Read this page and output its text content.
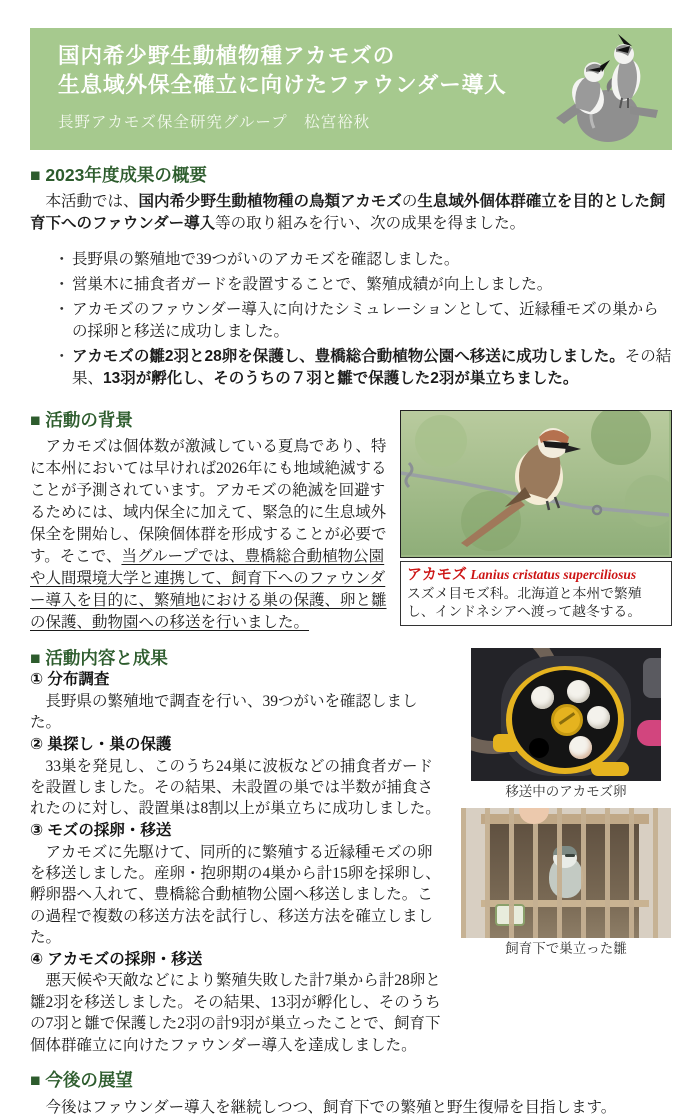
国内希少野生動植物種アカモズの
生息域外保全確立に向けたファウンダー導入
長野アカモズ保全研究グループ　松宮裕秋
■ 2023年度成果の概要

本活動では、国内希少野生動植物種の鳥類アカモズの生息域外個体群確立を目的とした飼育下へのファウンダー導入等の取り組みを行い、次の成果を得ました。

・ 長野県の繁殖地で39つがいのアカモズを確認しました。
・ 営巣木に捕食者ガードを設置することで、繁殖成績が向上しました。
・ アカモズのファウンダー導入に向けたシミュレーションとして、近縁種モズの巣からの採卵と移送に成功しました。
・ アカモズの雛2羽と28卵を保護し、豊橋総合動植物公園へ移送に成功しました。その結果、13羽が孵化し、そのうちの７羽と雛で保護した2羽が巣立ちました。
■ 活動の背景

アカモズは個体数が激減している夏鳥であり、特に本州においては早ければ2026年にも地域絶滅することが予測されています。アカモズの絶滅を回避するためには、域内保全に加えて、緊急的に生息域外保全を開始し、保険個体群を形成することが必要です。そこで、当グループでは、豊橋総合動植物公園や人間環境大学と連携して、飼育下へのファウンダー導入を目的に、繁殖地における巣の保護、卵と雛の保護、動物園への移送を行いました。

アカモズ Lanius cristatus superciliosus
スズメ目モズ科。北海道と本州で繁殖し、インドネシアへ渡って越冬する。
■ 活動内容と成果

① 分布調査

長野県の繁殖地で調査を行い、39つがいを確認しました。

② 巣探し・巣の保護

33巣を発見し、このうち24巣に波板などの捕食者ガードを設置しました。その結果、未設置の巣では半数が捕食されたのに対し、設置巣は8割以上が巣立ちに成功しました。

③ モズの採卵・移送

アカモズに先駆けて、同所的に繁殖する近縁種モズの卵を移送しました。産卵・抱卵期の4巣から計15卵を採卵し、孵卵器へ入れて、豊橋総合動植物公園へ移送しました。この過程で複数の移送方法を試行し、移送方法を確立しました。

④ アカモズの採卵・移送

悪天候や天敵などにより繁殖失敗した計7巣から計28卵と雛2羽を移送しました。その結果、13羽が孵化し、そのうちの7羽と雛で保護した2羽の計9羽が巣立ったことで、飼育下個体群確立に向けたファウンダー導入を達成しました。

移送中のアカモズ卵
飼育下で巣立った雛
■ 今後の展望

今後はファウンダー導入を継続しつつ、飼育下での繁殖と野生復帰を目指します。
